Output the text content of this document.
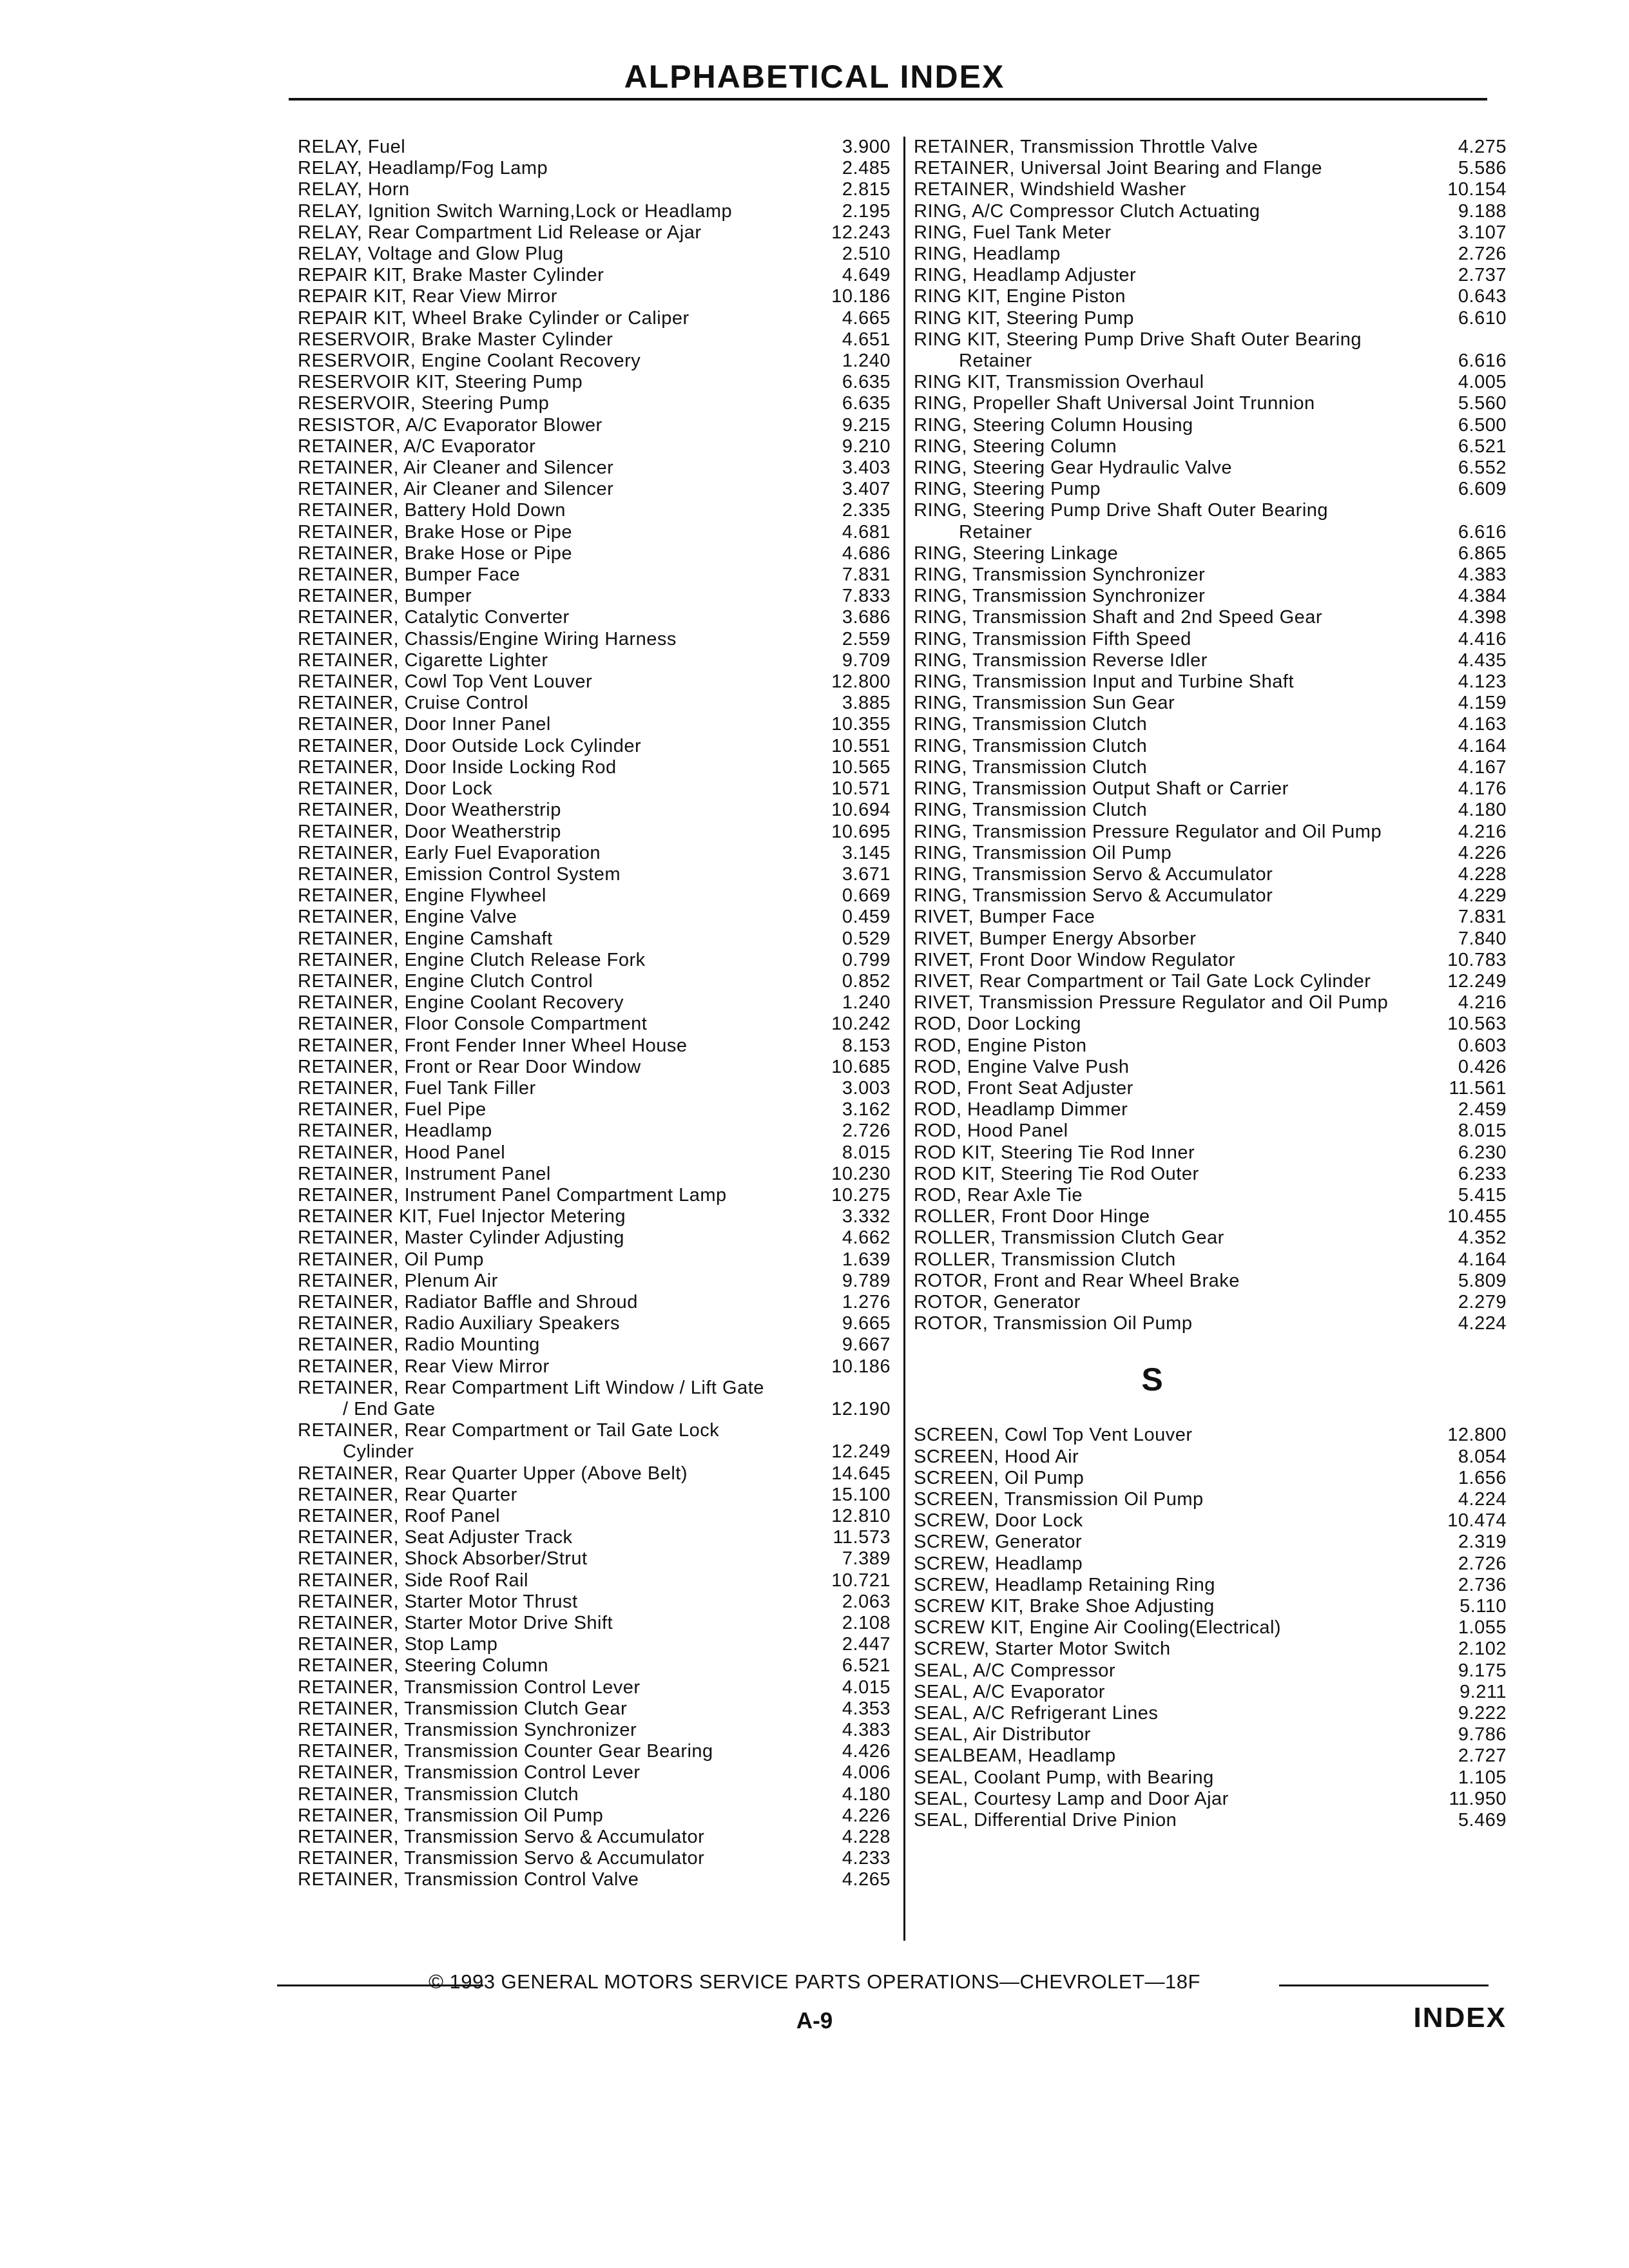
ALPHABETICAL INDEX
RELAY, Fuel	3.900
RELAY, Headlamp/Fog Lamp	2.485
RELAY, Horn	2.815
RELAY, Ignition Switch Warning,Lock or Headlamp	2.195
RELAY, Rear Compartment Lid Release or Ajar	12.243
RELAY, Voltage and Glow Plug	2.510
REPAIR KIT, Brake Master Cylinder	4.649
REPAIR KIT, Rear View Mirror	10.186
REPAIR KIT, Wheel Brake Cylinder or Caliper	4.665
RESERVOIR, Brake Master Cylinder	4.651
RESERVOIR, Engine Coolant Recovery	1.240
RESERVOIR KIT, Steering Pump	6.635
RESERVOIR, Steering Pump	6.635
RESISTOR, A/C Evaporator Blower	9.215
RETAINER, A/C Evaporator	9.210
RETAINER, Air Cleaner and Silencer	3.403
RETAINER, Air Cleaner and Silencer	3.407
RETAINER, Battery Hold Down	2.335
RETAINER, Brake Hose or Pipe	4.681
RETAINER, Brake Hose or Pipe	4.686
RETAINER, Bumper Face	7.831
RETAINER, Bumper	7.833
RETAINER, Catalytic Converter	3.686
RETAINER, Chassis/Engine Wiring Harness	2.559
RETAINER, Cigarette Lighter	9.709
RETAINER, Cowl Top Vent Louver	12.800
RETAINER, Cruise Control	3.885
RETAINER, Door Inner Panel	10.355
RETAINER, Door Outside Lock Cylinder	10.551
RETAINER, Door Inside Locking Rod	10.565
RETAINER, Door Lock	10.571
RETAINER, Door Weatherstrip	10.694
RETAINER, Door Weatherstrip	10.695
RETAINER, Early Fuel Evaporation	3.145
RETAINER, Emission Control System	3.671
RETAINER, Engine Flywheel	0.669
RETAINER, Engine Valve	0.459
RETAINER, Engine Camshaft	0.529
RETAINER, Engine Clutch Release Fork	0.799
RETAINER, Engine Clutch Control	0.852
RETAINER, Engine Coolant Recovery	1.240
RETAINER, Floor Console Compartment	10.242
RETAINER, Front Fender Inner Wheel House	8.153
RETAINER, Front or Rear Door Window	10.685
RETAINER, Fuel Tank Filler	3.003
RETAINER, Fuel Pipe	3.162
RETAINER, Headlamp	2.726
RETAINER, Hood Panel	8.015
RETAINER, Instrument Panel	10.230
RETAINER, Instrument Panel Compartment Lamp	10.275
RETAINER KIT, Fuel Injector Metering	3.332
RETAINER, Master Cylinder Adjusting	4.662
RETAINER, Oil Pump	1.639
RETAINER, Plenum Air	9.789
RETAINER, Radiator Baffle and Shroud	1.276
RETAINER, Radio Auxiliary Speakers	9.665
RETAINER, Radio Mounting	9.667
RETAINER, Rear View Mirror	10.186
RETAINER, Rear Compartment Lift Window / Lift Gate / End Gate	12.190
RETAINER, Rear Compartment or Tail Gate Lock Cylinder	12.249
RETAINER, Rear Quarter Upper (Above Belt)	14.645
RETAINER, Rear Quarter	15.100
RETAINER, Roof Panel	12.810
RETAINER, Seat Adjuster Track	11.573
RETAINER, Shock Absorber/Strut	7.389
RETAINER, Side Roof Rail	10.721
RETAINER, Starter Motor Thrust	2.063
RETAINER, Starter Motor Drive Shift	2.108
RETAINER, Stop Lamp	2.447
RETAINER, Steering Column	6.521
RETAINER, Transmission Control Lever	4.015
RETAINER, Transmission Clutch Gear	4.353
RETAINER, Transmission Synchronizer	4.383
RETAINER, Transmission Counter Gear Bearing	4.426
RETAINER, Transmission Control Lever	4.006
RETAINER, Transmission Clutch	4.180
RETAINER, Transmission Oil Pump	4.226
RETAINER, Transmission Servo & Accumulator	4.228
RETAINER, Transmission Servo & Accumulator	4.233
RETAINER, Transmission Control Valve	4.265
RETAINER, Transmission Throttle Valve	4.275
RETAINER, Universal Joint Bearing and Flange	5.586
RETAINER, Windshield Washer	10.154
RING, A/C Compressor Clutch Actuating	9.188
RING, Fuel Tank Meter	3.107
RING, Headlamp	2.726
RING, Headlamp Adjuster	2.737
RING KIT, Engine Piston	0.643
RING KIT, Steering Pump	6.610
RING KIT, Steering Pump Drive Shaft Outer Bearing Retainer	6.616
RING KIT, Transmission Overhaul	4.005
RING, Propeller Shaft Universal Joint Trunnion	5.560
RING, Steering Column Housing	6.500
RING, Steering Column	6.521
RING, Steering Gear Hydraulic Valve	6.552
RING, Steering Pump	6.609
RING, Steering Pump Drive Shaft Outer Bearing Retainer	6.616
RING, Steering Linkage	6.865
RING, Transmission Synchronizer	4.383
RING, Transmission Synchronizer	4.384
RING, Transmission Shaft and 2nd Speed Gear	4.398
RING, Transmission Fifth Speed	4.416
RING, Transmission Reverse Idler	4.435
RING, Transmission Input and Turbine Shaft	4.123
RING, Transmission Sun Gear	4.159
RING, Transmission Clutch	4.163
RING, Transmission Clutch	4.164
RING, Transmission Clutch	4.167
RING, Transmission Output Shaft or Carrier	4.176
RING, Transmission Clutch	4.180
RING, Transmission Pressure Regulator and Oil Pump	4.216
RING, Transmission Oil Pump	4.226
RING, Transmission Servo & Accumulator	4.228
RING, Transmission Servo & Accumulator	4.229
RIVET, Bumper Face	7.831
RIVET, Bumper Energy Absorber	7.840
RIVET, Front Door Window Regulator	10.783
RIVET, Rear Compartment or Tail Gate Lock Cylinder	12.249
RIVET, Transmission Pressure Regulator and Oil Pump	4.216
ROD, Door Locking	10.563
ROD, Engine Piston	0.603
ROD, Engine Valve Push	0.426
ROD, Front Seat Adjuster	11.561
ROD, Headlamp Dimmer	2.459
ROD, Hood Panel	8.015
ROD KIT, Steering Tie Rod Inner	6.230
ROD KIT, Steering Tie Rod Outer	6.233
ROD, Rear Axle Tie	5.415
ROLLER, Front Door Hinge	10.455
ROLLER, Transmission Clutch Gear	4.352
ROLLER, Transmission Clutch	4.164
ROTOR, Front and Rear Wheel Brake	5.809
ROTOR, Generator	2.279
ROTOR, Transmission Oil Pump	4.224
S
SCREEN, Cowl Top Vent Louver	12.800
SCREEN, Hood Air	8.054
SCREEN, Oil Pump	1.656
SCREEN, Transmission Oil Pump	4.224
SCREW, Door Lock	10.474
SCREW, Generator	2.319
SCREW, Headlamp	2.726
SCREW, Headlamp Retaining Ring	2.736
SCREW KIT, Brake Shoe Adjusting	5.110
SCREW KIT, Engine Air Cooling(Electrical)	1.055
SCREW, Starter Motor Switch	2.102
SEAL, A/C Compressor	9.175
SEAL, A/C Evaporator	9.211
SEAL, A/C Refrigerant Lines	9.222
SEAL, Air Distributor	9.786
SEALBEAM, Headlamp	2.727
SEAL, Coolant Pump, with Bearing	1.105
SEAL, Courtesy Lamp and Door Ajar	11.950
SEAL, Differential Drive Pinion	5.469
© 1993 GENERAL MOTORS SERVICE PARTS OPERATIONS—CHEVROLET—18F
A-9	INDEX
